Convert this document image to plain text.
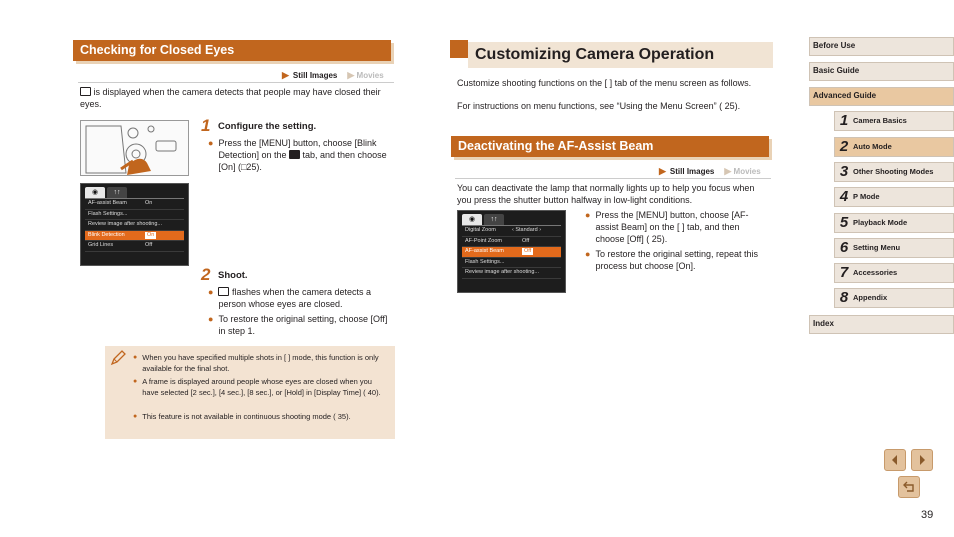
Checking for Closed Eyes
▶ Still Images ▶ Movies

is displayed when the camera detects that people may have closed their eyes.

◉	↑↑
AF-assist Beam	On
Flash Settings...
Review image after shooting...
Blink Detection	On
Grid Lines	Off
1 Configure the setting.
● Press the [MENU] button, choose [Blink Detection] on the tab, and then choose [On] (□25).
2 Shoot.
●	flashes when the camera detects a person whose eyes are closed.
● To restore the original setting, choose [Off] in step 1.
● When you have specified multiple shots in [ ] mode, this function is only available for the final shot.
● A frame is displayed around people whose eyes are closed when you have selected [2 sec.], [4 sec.], [8 sec.], or [Hold] in [Display Time] ( 40).
● This feature is not available in continuous shooting mode ( 35).
Customizing Camera Operation

Customize shooting functions on the [ ] tab of the menu screen as follows.

For instructions on menu functions, see “Using the Menu Screen” ( 25).

Deactivating the AF-Assist Beam
▶ Still Images ▶ Movies

You can deactivate the lamp that normally lights up to help you focus when you press the shutter button halfway in low-light conditions.

◉	↑↑
Digital Zoom	‹ Standard ›
AF-Point Zoom	Off
AF-assist Beam	Off
Flash Settings...
Review image after shooting...
● Press the [MENU] button, choose [AF-assist Beam] on the [ ] tab, and then choose [Off] ( 25).
● To restore the original setting, repeat this process but choose [On].
Before Use
Basic Guide
Advanced Guide
1 Camera Basics
2 Auto Mode
3 Other Shooting Modes
4 P Mode
5 Playback Mode
6 Setting Menu
7 Accessories
8 Appendix
Index
39
